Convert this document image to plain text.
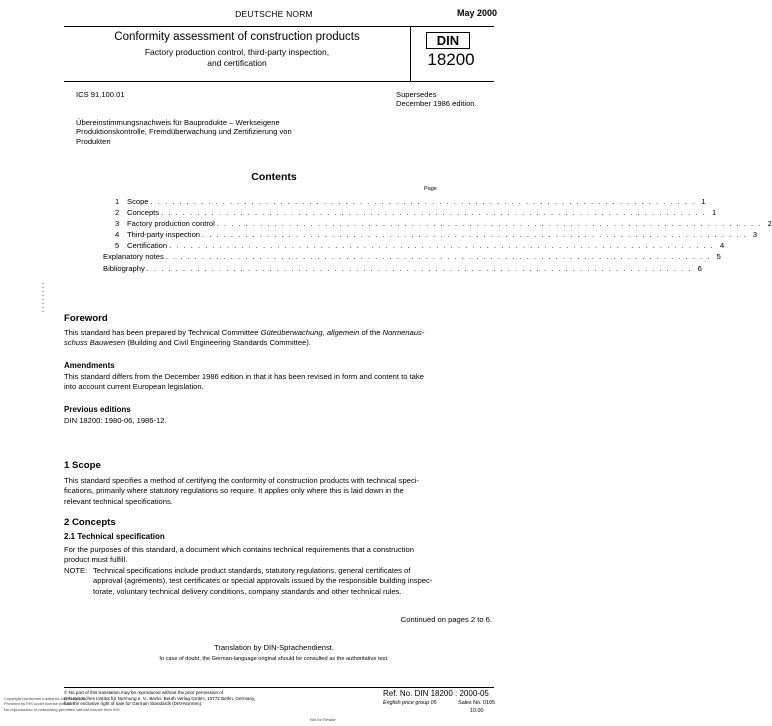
DEUTSCHE NORM	May 2000
Conformity assessment of construction products
Factory production control, third-party inspection,
and certification
DIN
18200
ICS 91.100.01	Supersedes
December 1986 edition.
Übereinstimmungsnachweis für Bauprodukte – Werkseigene
Produktionskontrolle, Fremdüberwachung und Zertifizierung von
Produkten
Contents
Page
1	Scope . . . . . . . . . . . . . . . . . . . . . . . . . . . . . . . . . . . . . . . . . . . . . . . . . . . . . . . . . . . . . . . . . . . . . . . . . . . . 1
2	Concepts . . . . . . . . . . . . . . . . . . . . . . . . . . . . . . . . . . . . . . . . . . . . . . . . . . . . . . . . . . . . . . . . . . . . . . . . . . . . 1
3	Factory production control . . . . . . . . . . . . . . . . . . . . . . . . . . . . . . . . . . . . . . . . . . . . . . . . . . . . . . . . . . . . . . . . . . . . . . . . . . . . 2
4	Third-party inspection . . . . . . . . . . . . . . . . . . . . . . . . . . . . . . . . . . . . . . . . . . . . . . . . . . . . . . . . . . . . . . . . . . . . . . . . . . . . 3
5	Certification . . . . . . . . . . . . . . . . . . . . . . . . . . . . . . . . . . . . . . . . . . . . . . . . . . . . . . . . . . . . . . . . . . . . . . . . . . . . 4
Explanatory notes . . . . . . . . . . . . . . . . . . . . . . . . . . . . . . . . . . . . . . . . . . . . . . . . . . . . . . . . . . . . . . . . . . . . . . . . . . . . 5
Bibliography . . . . . . . . . . . . . . . . . . . . . . . . . . . . . . . . . . . . . . . . . . . . . . . . . . . . . . . . . . . . . . . . . . . . . . . . . . . . 6
Foreword
This standard has been prepared by Technical Committee Güteüberwachung, allgemein of the Normenaus-
schuss Bauwesen (Building and Civil Engineering Standards Committee).
Amendments
This standard differs from the December 1986 edition in that it has been revised in form and content to take
into account current European legislation.
Previous editions
DIN 18200: 1980-06, 1986-12.
1 Scope
This standard specifies a method of certifying the conformity of construction products with technical speci-
fications, primarily where statutory regulations so require. It applies only where this is laid down in the
relevant technical specifications.
2 Concepts
2.1 Technical specification
For the purposes of this standard, a document which contains technical requirements that a construction
product must fulfill.
NOTE: Technical specifications include product standards, statutory regulations, general certificates of
approval (agréments), test certificates or special approvals issued by the responsible building inspec-
torate, voluntary technical delivery conditions, company standards and other technical rules.
Continued on pages 2 to 6.
Translation by DIN-Sprachendienst.
In case of doubt, the German-language original should be consulted as the authoritative text.
© No part of this translation may be reproduced without the prior permission of
DIN Deutsches Institut für Normung e. V., Berlin. Beuth Verlag GmbH, 10772 Berlin, Germany,
has the exclusive right of sale for German Standards (DIN-Normen).
Copyright Deutsches Institut fur Normung E.V.
Provided by IHS under license with DIN
No reproduction or networking permitted without license from IHS
Not for Resale
Ref. No. DIN 18200 : 2000-05
English price group 05	Sales No. 0105
10.00
